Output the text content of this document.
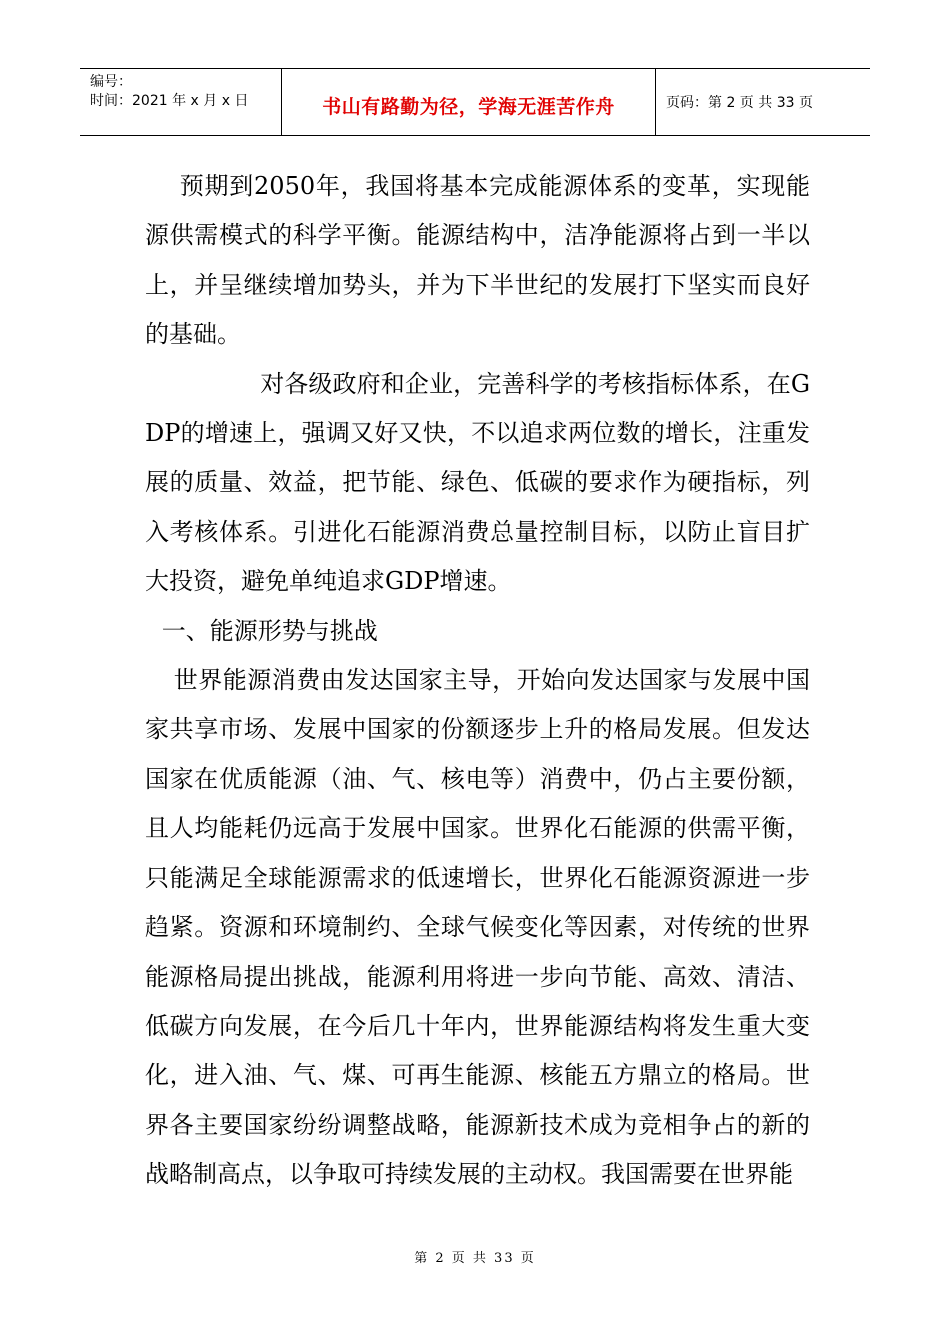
编号：
时间：2021 年 x 月 x 日	书山有路勤为径，学海无涯苦作舟	页码：第 2 页 共 33 页

预期到2050年，我国将基本完成能源体系的变革，实现能源供需模式的科学平衡。能源结构中，洁净能源将占到一半以上，并呈继续增加势头，并为下半世纪的发展打下坚实而良好的基础。

对各级政府和企业，完善科学的考核指标体系，在GDP的增速上，强调又好又快，不以追求两位数的增长，注重发展的质量、效益，把节能、绿色、低碳的要求作为硬指标，列入考核体系。引进化石能源消费总量控制目标，以防止盲目扩大投资，避免单纯追求GDP增速。

一、能源形势与挑战

世界能源消费由发达国家主导，开始向发达国家与发展中国家共享市场、发展中国家的份额逐步上升的格局发展。但发达国家在优质能源（油、气、核电等）消费中，仍占主要份额，且人均能耗仍远高于发展中国家。世界化石能源的供需平衡，只能满足全球能源需求的低速增长，世界化石能源资源进一步趋紧。资源和环境制约、全球气候变化等因素，对传统的世界能源格局提出挑战，能源利用将进一步向节能、高效、清洁、低碳方向发展，在今后几十年内，世界能源结构将发生重大变化，进入油、气、煤、可再生能源、核能五方鼎立的格局。世界各主要国家纷纷调整战略，能源新技术成为竞相争占的新的战略制高点，以争取可持续发展的主动权。我国需要在世界能

第 2 页 共 33 页
